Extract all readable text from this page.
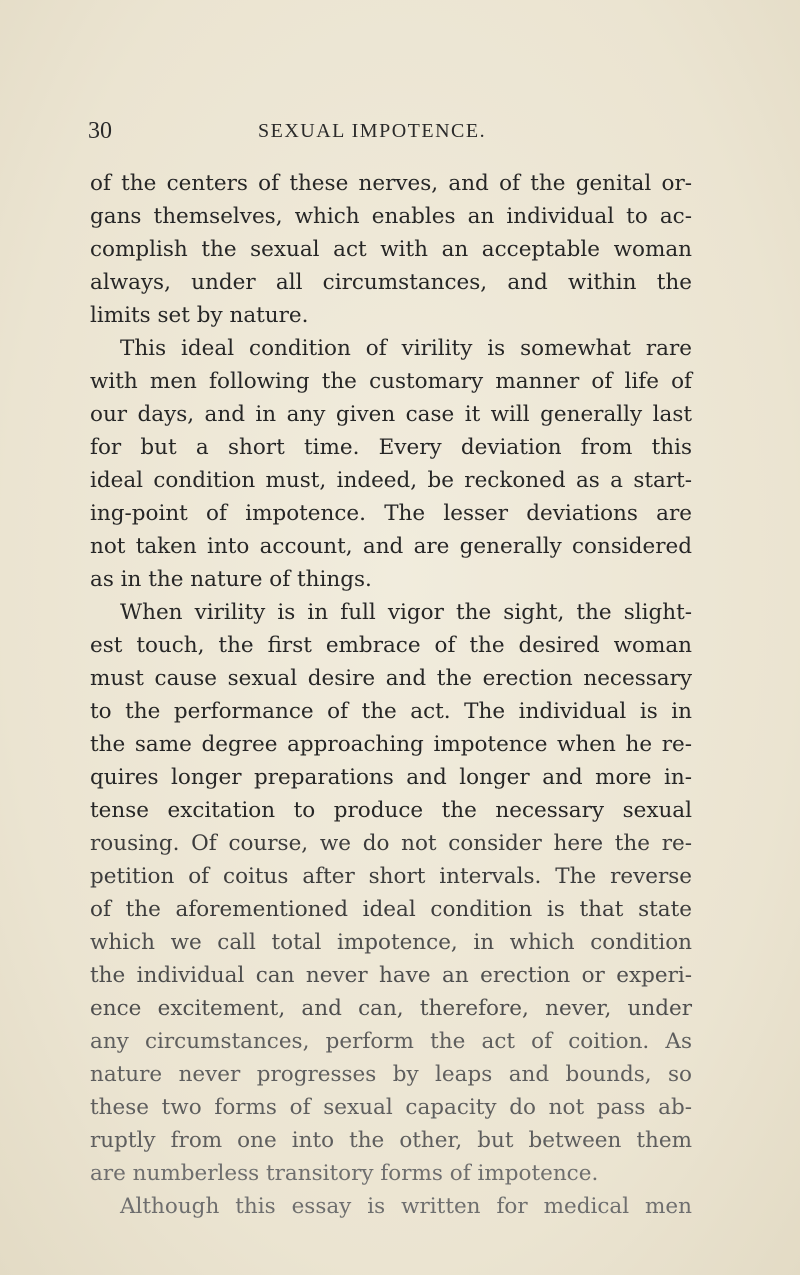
30	SEXUAL IMPOTENCE.
of the centers of these nerves, and of the genital or-
gans themselves, which enables an individual to ac-
complish the sexual act with an acceptable woman
always, under all circumstances, and within the
limits set by nature.
This ideal condition of virility is somewhat rare
with men following the customary manner of life of
our days, and in any given case it will generally last
for but a short time. Every deviation from this
ideal condition must, indeed, be reckoned as a start-
ing-point of impotence. The lesser deviations are
not taken into account, and are generally considered
as in the nature of things.
When virility is in full vigor the sight, the slight-
est touch, the first embrace of the desired woman
must cause sexual desire and the erection necessary
to the performance of the act. The individual is in
the same degree approaching impotence when he re-
quires longer preparations and longer and more in-
tense excitation to produce the necessary sexual
rousing. Of course, we do not consider here the re-
petition of coitus after short intervals. The reverse
of the aforementioned ideal condition is that state
which we call total impotence, in which condition
the individual can never have an erection or experi-
ence excitement, and can, therefore, never, under
any circumstances, perform the act of coition. As
nature never progresses by leaps and bounds, so
these two forms of sexual capacity do not pass ab-
ruptly from one into the other, but between them
are numberless transitory forms of impotence.
Although this essay is written for medical men
